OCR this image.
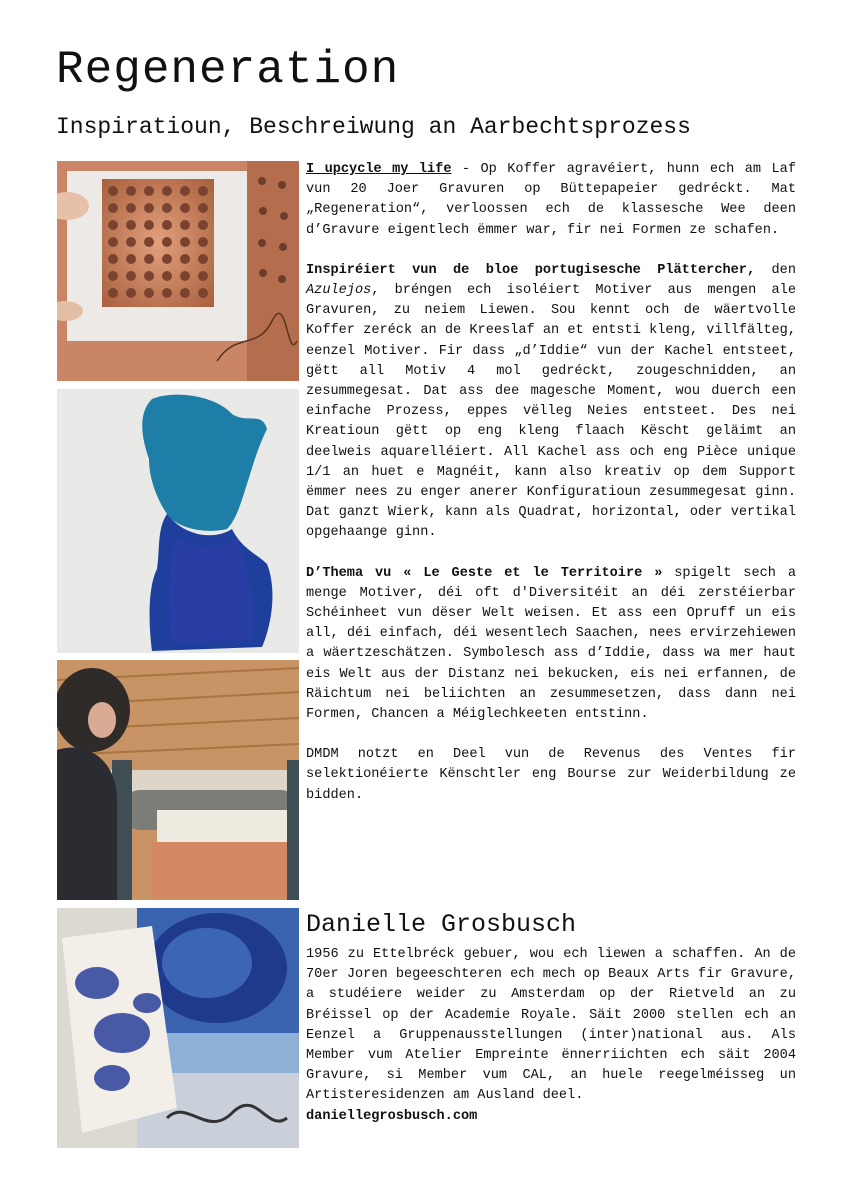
Regeneration
Inspiratioun, Beschreiwung an Aarbechtsprozess

I upcycle my life - Op Koffer agravéiert, hunn ech am Laf vun 20 Joer Gravuren op Büttepapeier gedréckt. Mat „Regeneration“, verloossen ech de klassesche Wee deen d’Gravure eigentlech ëmmer war, fir nei Formen ze schafen.

Inspiréiert vun de bloe portugisesche Plättercher, den Azulejos, bréngen ech isoléiert Motiver aus mengen ale Gravuren, zu neiem Liewen. Sou kennt och de wäertvolle Koffer zeréck an de Kreeslaf an et entsti kleng, villfälteg, eenzel Motiver. Fir dass „d’Iddie“ vun der Kachel entsteet, gëtt all Motiv 4 mol gedréckt, zougeschnidden, an zesummegesat. Dat ass dee magesche Moment, wou duerch een einfache Prozess, eppes vëlleg Neies entsteet. Des nei Kreatioun gëtt op eng kleng flaach Këscht geläimt an deelweis aquarelléiert. All Kachel ass och eng Pièce unique 1/1 an huet e Magnéit, kann also kreativ op dem Support ëmmer nees zu enger anerer Konfiguratioun zesummegesat ginn. Dat ganzt Wierk, kann als Quadrat, horizontal, oder vertikal opgehaange ginn.

D’Thema vu « Le Geste et le Territoire » spigelt sech a menge Motiver, déi oft d'Diversitéit an déi zerstéierbar Schéinheet vun dëser Welt weisen. Et ass een Opruff un eis all, déi einfach, déi wesentlech Saachen, nees ervirzehiewen a wäertzeschätzen. Symbolesch ass d’Iddie, dass wa mer haut eis Welt aus der Distanz nei bekucken, eis nei erfannen, de Räichtum nei beliichten an zesummesetzen, dass dann nei Formen, Chancen a Méiglechkeeten entstinn.

DMDM notzt en Deel vun de Revenus des Ventes fir selektionéierte Kënschtler eng Bourse zur Weiderbildung ze bidden.

Danielle Grosbusch
1956 zu Ettelbréck gebuer, wou ech liewen a schaffen. An de 70er Joren begeeschteren ech mech op Beaux Arts fir Gravure, a studéiere weider zu Amsterdam op der Rietveld an zu Bréissel op der Academie Royale. Säit 2000 stellen ech an Eenzel a Gruppenausstellungen (inter)national aus. Als Member vum Atelier Empreinte ënnerriichten ech säit 2004 Gravure, si Member vum CAL, an huele reegelméisseg un Artisteresidenzen am Ausland deel.
daniellegrosbusch.com
